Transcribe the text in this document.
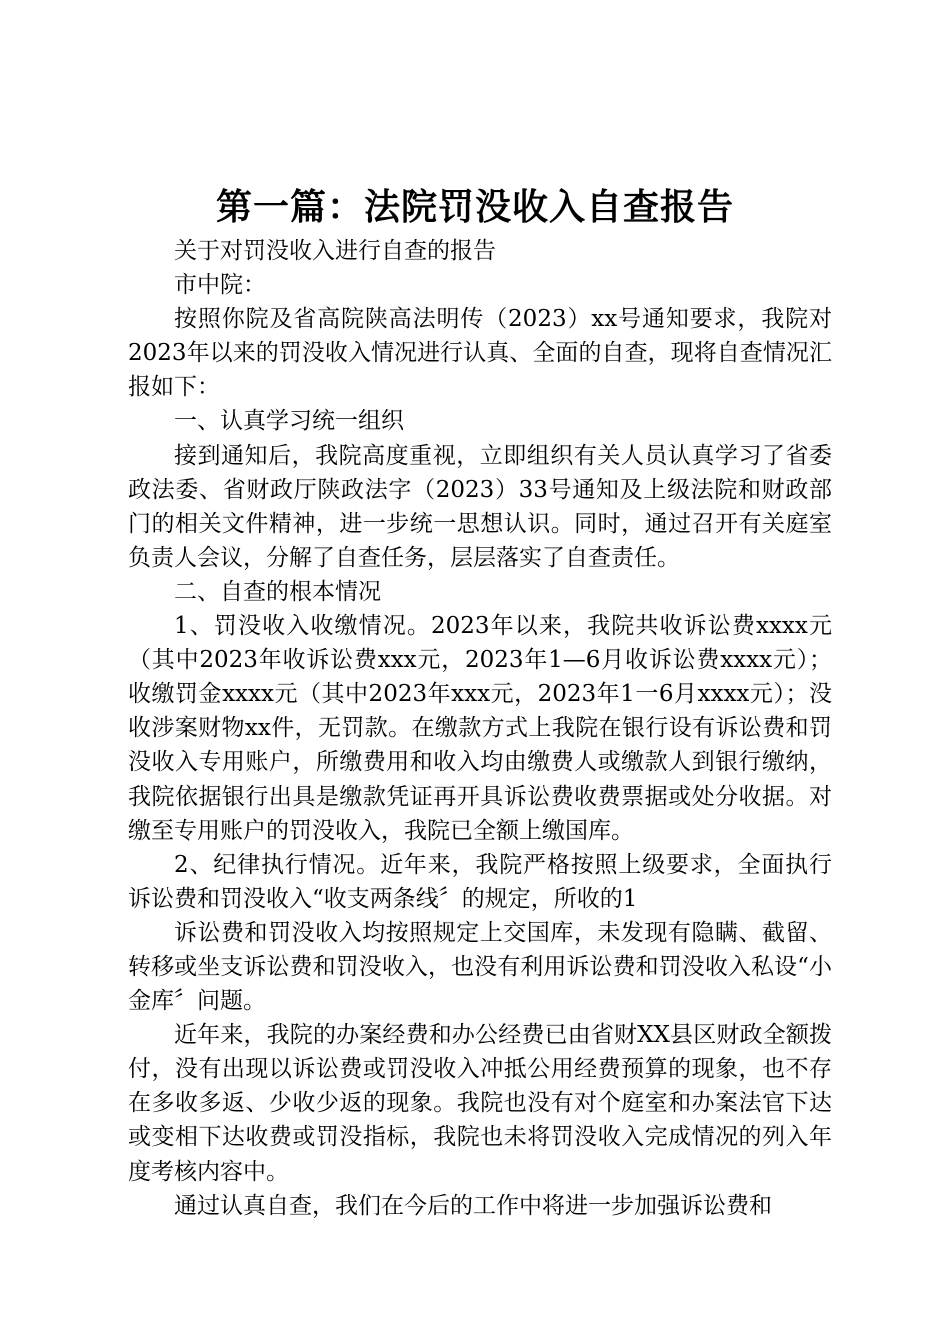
第一篇：法院罚没收入自查报告

关于对罚没收入进行自查的报告

市中院：

按照你院及省高院陕高法明传（2023）xx号通知要求，我院对2023年以来的罚没收入情况进行认真、全面的自查，现将自查情况汇报如下：

一、认真学习统一组织

接到通知后，我院高度重视，立即组织有关人员认真学习了省委政法委、省财政厅陕政法字（2023）33号通知及上级法院和财政部门的相关文件精神，进一步统一思想认识。同时，通过召开有关庭室负责人会议，分解了自查任务，层层落实了自查责任。

二、自查的根本情况

1、罚没收入收缴情况。2023年以来，我院共收诉讼费xxxx元（其中2023年收诉讼费xxx元，2023年1—6月收诉讼费xxxx元）；收缴罚金xxxx元（其中2023年xxx元，2023年1一6月xxxx元）；没收涉案财物xx件，无罚款。在缴款方式上我院在银行设有诉讼费和罚没收入专用账户，所缴费用和收入均由缴费人或缴款人到银行缴纳，我院依据银行出具是缴款凭证再开具诉讼费收费票据或处分收据。对缴至专用账户的罚没收入，我院已全额上缴国库。

2、纪律执行情况。近年来，我院严格按照上级要求，全面执行诉讼费和罚没收入“收支两条线〞的规定，所收的1

诉讼费和罚没收入均按照规定上交国库，未发现有隐瞒、截留、转移或坐支诉讼费和罚没收入，也没有利用诉讼费和罚没收入私设“小金库〞问题。

近年来，我院的办案经费和办公经费已由省财XX县区财政全额拨付，没有出现以诉讼费或罚没收入冲抵公用经费预算的现象，也不存在多收多返、少收少返的现象。我院也没有对个庭室和办案法官下达或变相下达收费或罚没指标，我院也未将罚没收入完成情况的列入年度考核内容中。

通过认真自查，我们在今后的工作中将进一步加强诉讼费和
